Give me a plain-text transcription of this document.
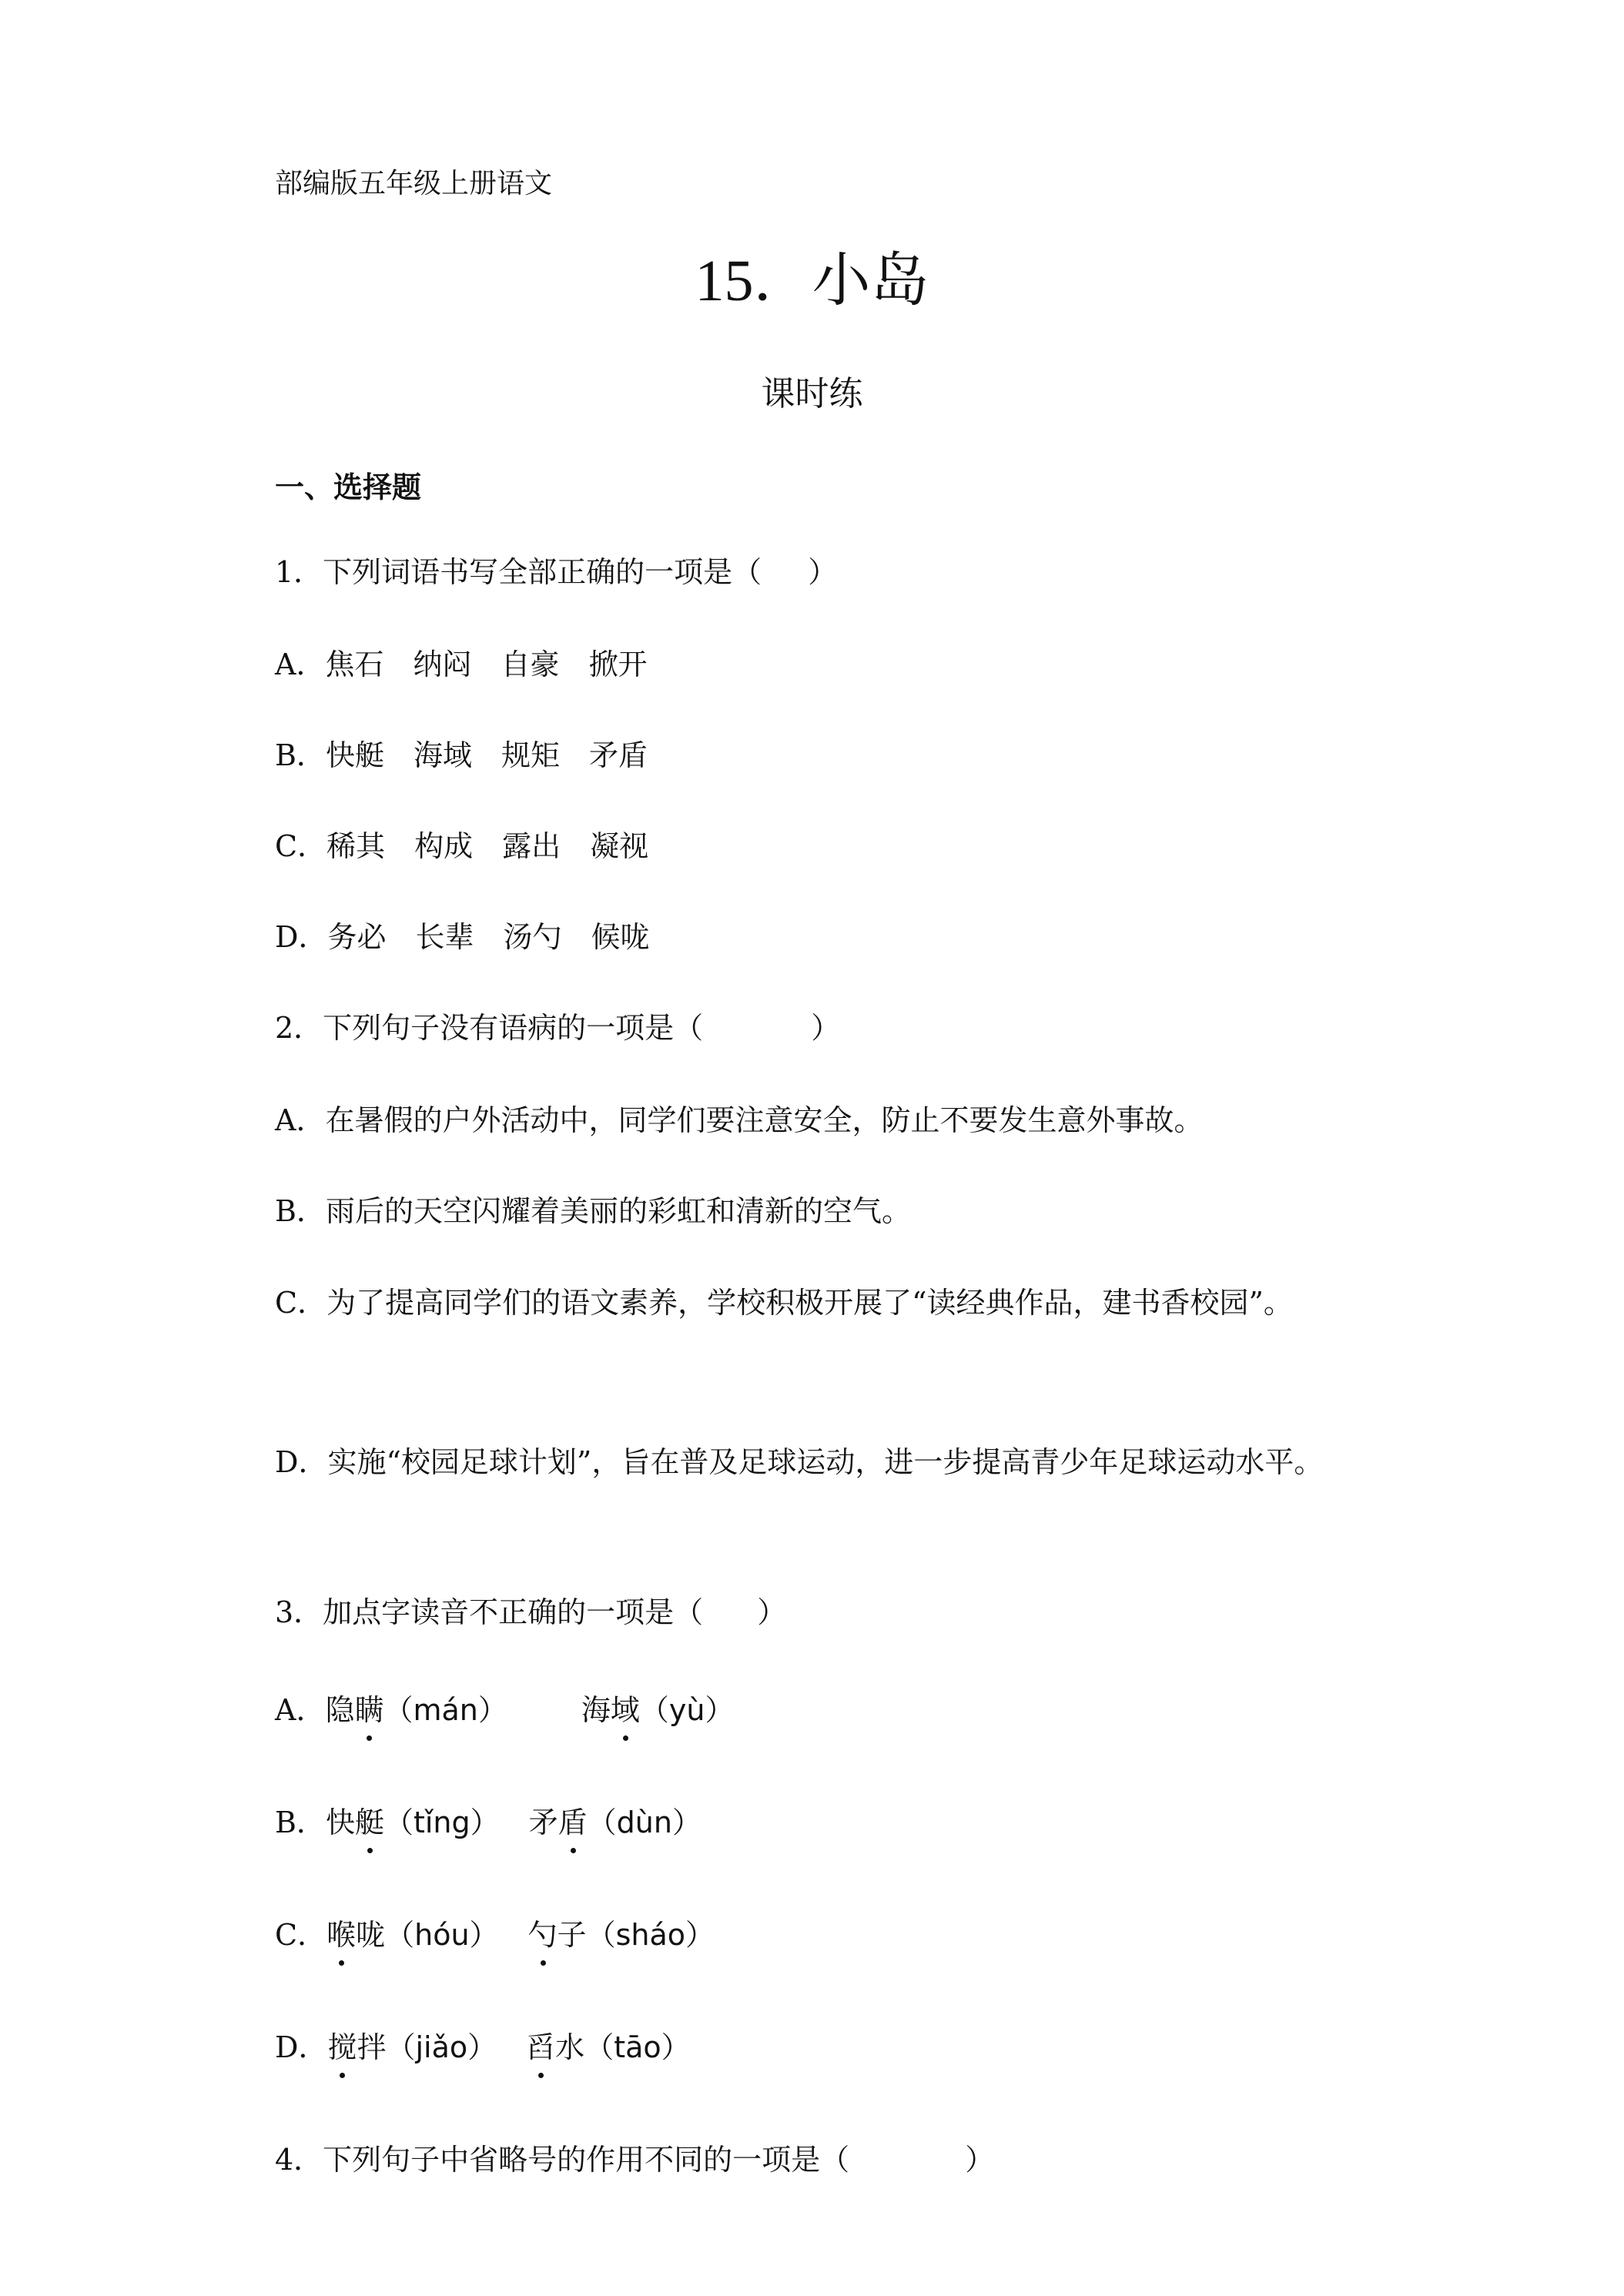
部编版五年级上册语文
15．小岛
课时练
一、选择题
1．下列词语书写全部正确的一项是（ ）
A．焦石 纳闷 自豪 掀开
B．快艇 海域 规矩 矛盾
C．稀其 构成 露出 凝视
D．务必 长辈 汤勺 候咙
2．下列句子没有语病的一项是（	）
A．在暑假的户外活动中，同学们要注意安全，防止不要发生意外事故。
B．雨后的天空闪耀着美丽的彩虹和清新的空气。
C．为了提高同学们的语文素养，学校积极开展了“读经典作品，建书香校园”。
D．实施“校园足球计划”，旨在普及足球运动，进一步提高青少年足球运动水平。
3．加点字读音不正确的一项是（ ）
A．隐瞒（mán）	海域（yù）
B．快艇（tǐng） 矛盾（dùn）
C．喉咙（hóu） 勺子（sháo）
D．搅拌（jiǎo） 舀水（tāo）
4．下列句子中省略号的作用不同的一项是（	）
